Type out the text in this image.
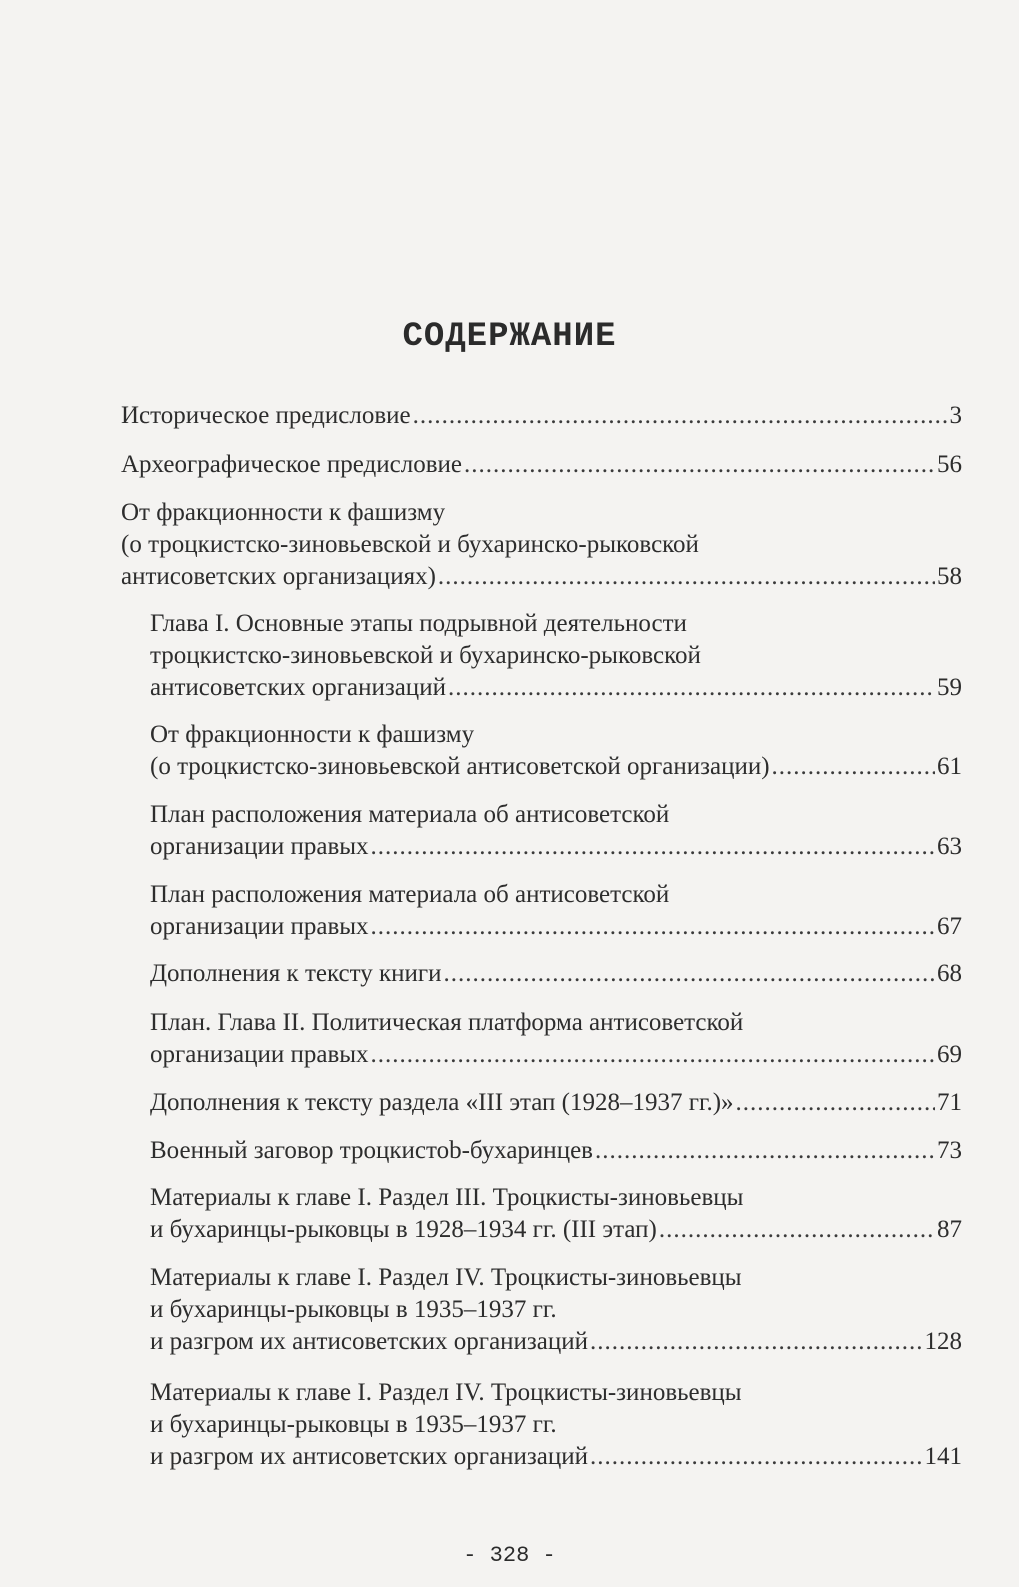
СОДЕРЖАНИЕ
Историческое предисловие .....	3
Археографическое предисловие .....	56
От фракционности к фашизму
(о троцкистско-зиновьевской и бухаринско-рыковской
антисоветских организациях) .....	58
Глава I. Основные этапы подрывной деятельности
троцкистско-зиновьевской и бухаринско-рыковской
антисоветских организаций .....	59
От фракционности к фашизму
(о троцкистско-зиновьевской антисоветской организации) .....	61
План расположения материала об антисоветской
организации правых .....	63
План расположения материала об антисоветской
организации правых .....	67
Дополнения к тексту книги .....	68
План. Глава II. Политическая платформа антисоветской
организации правых .....	69
Дополнения к тексту раздела «III этап (1928–1937 гг.)» .....	71
Военный заговор троцкистоb-бухаринцев .....	73
Материалы к главе I. Раздел III. Троцкисты-зиновьевцы
и бухаринцы-рыковцы в 1928–1934 гг. (III этап) .....	87
Материалы к главе I. Раздел IV. Троцкисты-зиновьевцы
и бухаринцы-рыковцы в 1935–1937 гг.
и разгром их антисоветских организаций .....	128
Материалы к главе I. Раздел IV. Троцкисты-зиновьевцы
и бухаринцы-рыковцы в 1935–1937 гг.
и разгром их антисоветских организаций .....	141
- 328 -
